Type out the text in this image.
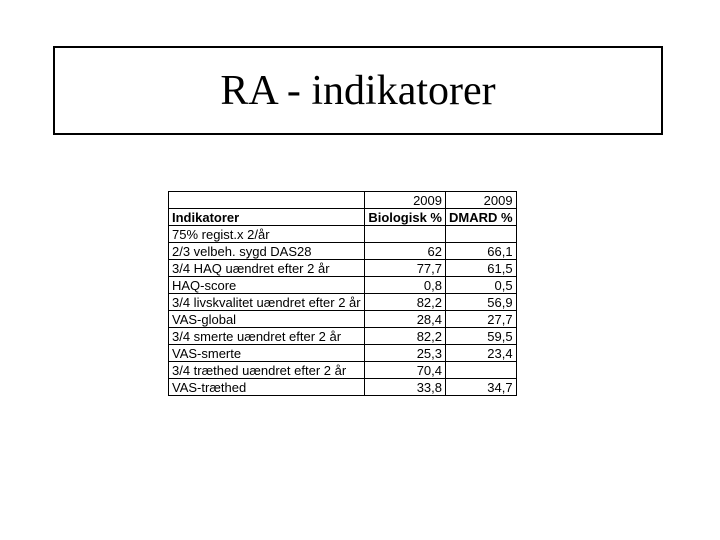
RA - indikatorer
	2009	2009
Indikatorer	Biologisk %	DMARD %
75% regist.x 2/år		
2/3 velbeh. sygd DAS28	62	66,1
3/4 HAQ uændret efter 2 år	77,7	61,5
HAQ-score	0,8	0,5
3/4 livskvalitet uændret efter 2 år	82,2	56,9
VAS-global	28,4	27,7
3/4 smerte uændret efter 2 år	82,2	59,5
VAS-smerte	25,3	23,4
3/4 træthed uændret efter 2 år	70,4	
VAS-træthed	33,8	34,7
